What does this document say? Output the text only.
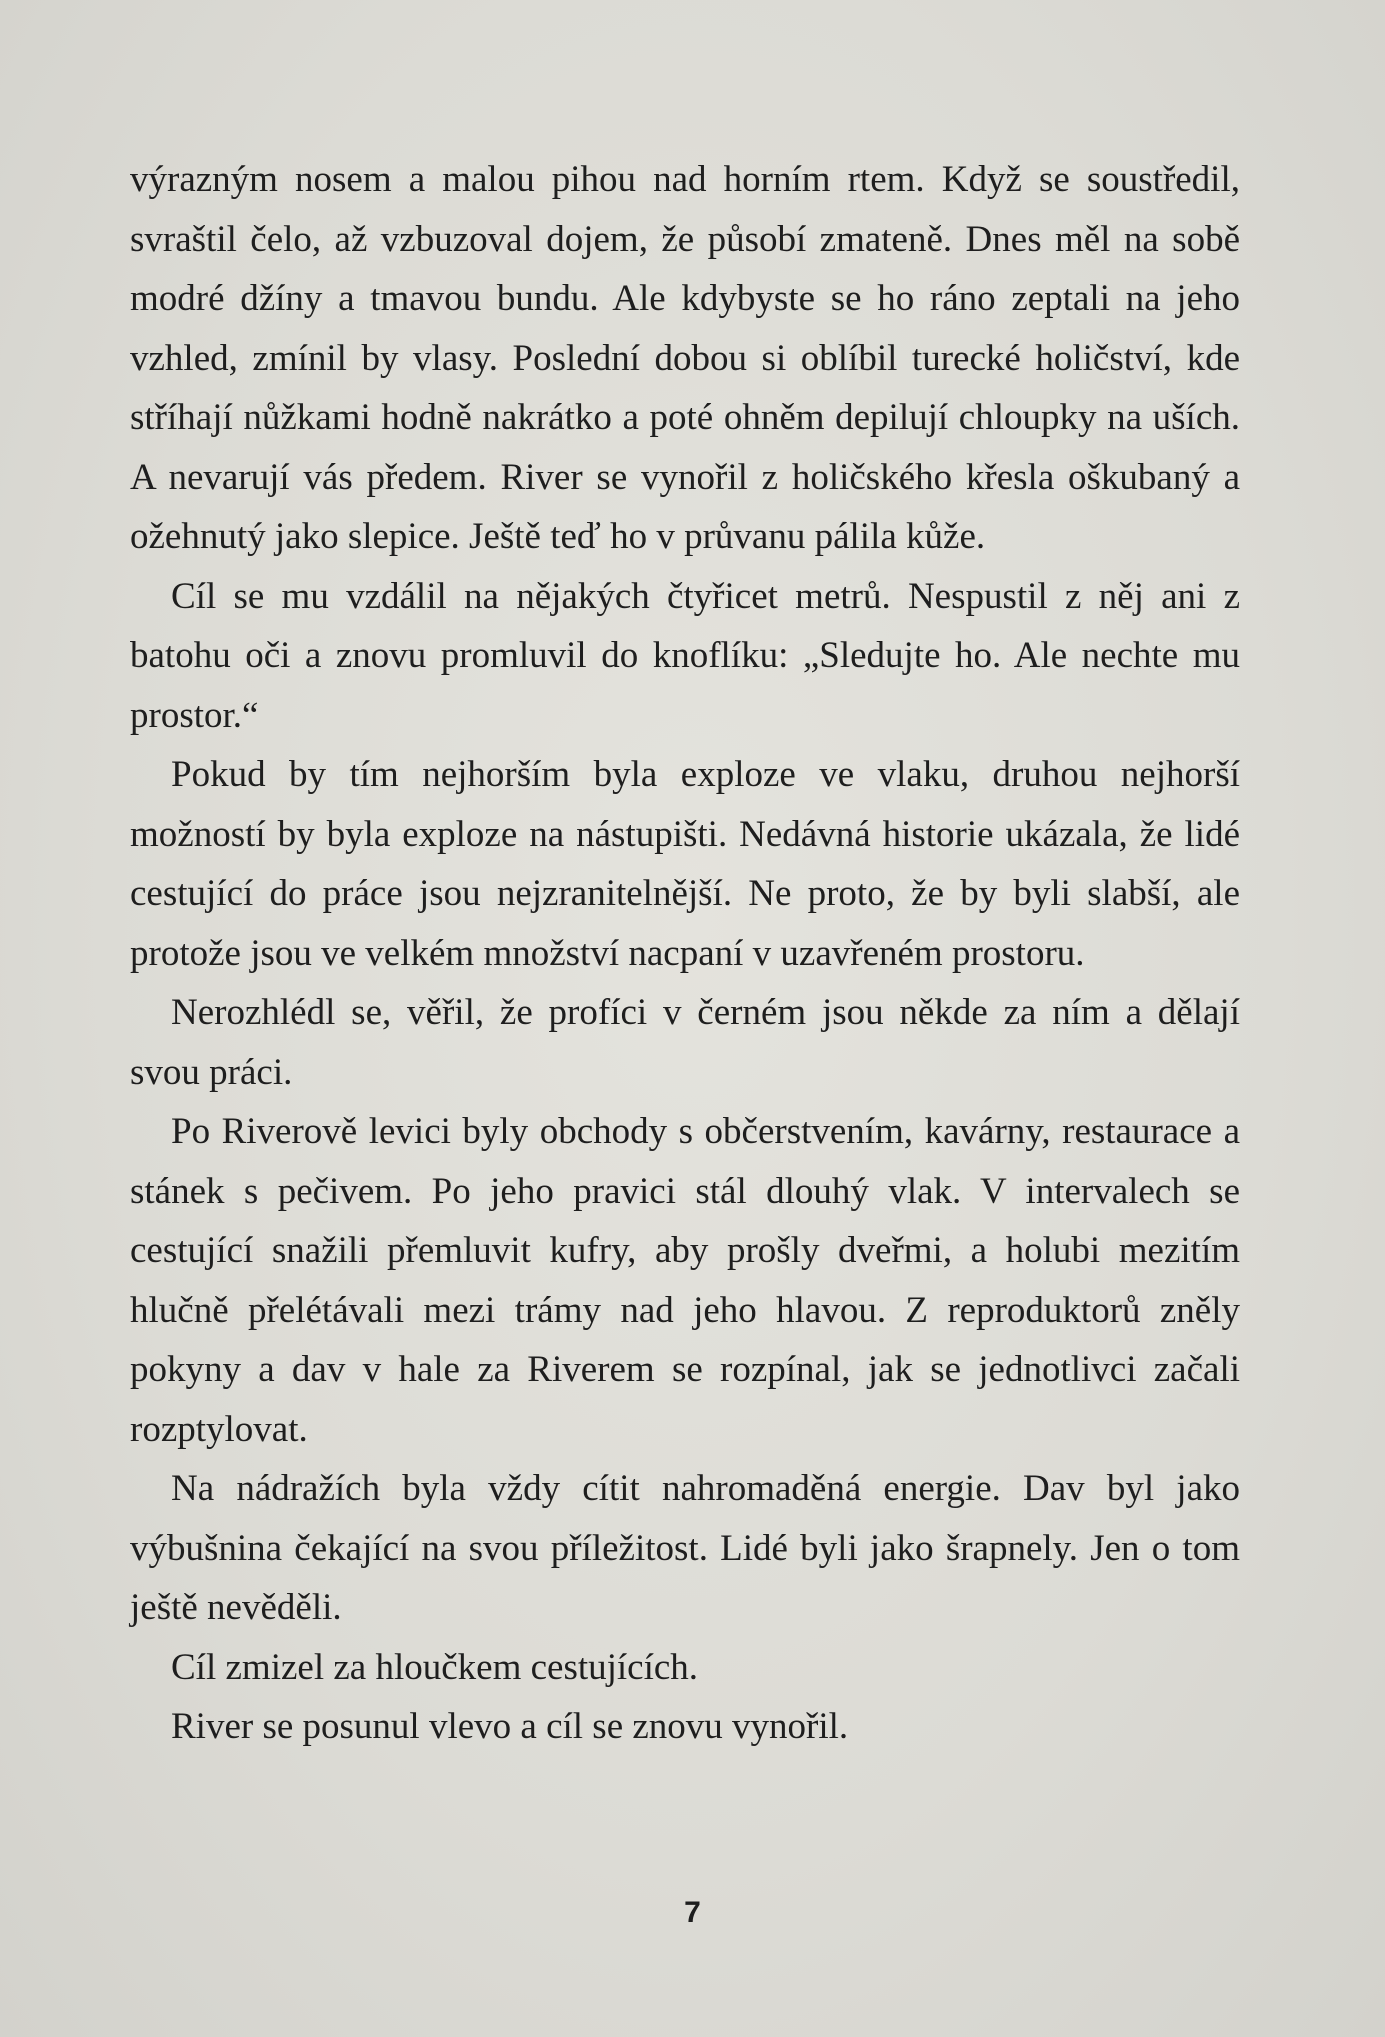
výrazným nosem a malou pihou nad horním rtem. Když se soustředil, svraštil čelo, až vzbuzoval dojem, že působí zmateně. Dnes měl na sobě modré džíny a tmavou bundu. Ale kdybyste se ho ráno zeptali na jeho vzhled, zmínil by vlasy. Poslední dobou si oblíbil turecké holičství, kde stříhají nůžkami hodně nakrátko a poté ohněm depilují chloupky na uších. A nevarují vás předem. River se vynořil z holičského křesla oškubaný a ožehnutý jako slepice. Ještě teď ho v průvanu pálila kůže.

Cíl se mu vzdálil na nějakých čtyřicet metrů. Nespustil z něj ani z batohu oči a znovu promluvil do knoflíku: „Sledujte ho. Ale nechte mu prostor.“

Pokud by tím nejhorším byla exploze ve vlaku, druhou nejhorší možností by byla exploze na nástupišti. Nedávná historie ukázala, že lidé cestující do práce jsou nejzranitelnější. Ne proto, že by byli slabší, ale protože jsou ve velkém množství nacpaní v uzavřeném prostoru.

Nerozhlédl se, věřil, že profíci v černém jsou někde za ním a dělají svou práci.

Po Riverově levici byly obchody s občerstvením, kavárny, restaurace a stánek s pečivem. Po jeho pravici stál dlouhý vlak. V intervalech se cestující snažili přemluvit kufry, aby prošly dveřmi, a holubi mezitím hlučně přelétávali mezi trámy nad jeho hlavou. Z reproduktorů zněly pokyny a dav v hale za Riverem se rozpínal, jak se jednotlivci začali rozptylovat.

Na nádražích byla vždy cítit nahromaděná energie. Dav byl jako výbušnina čekající na svou příležitost. Lidé byli jako šrapnely. Jen o tom ještě nevěděli.

Cíl zmizel za hloučkem cestujících.

River se posunul vlevo a cíl se znovu vynořil.

7
